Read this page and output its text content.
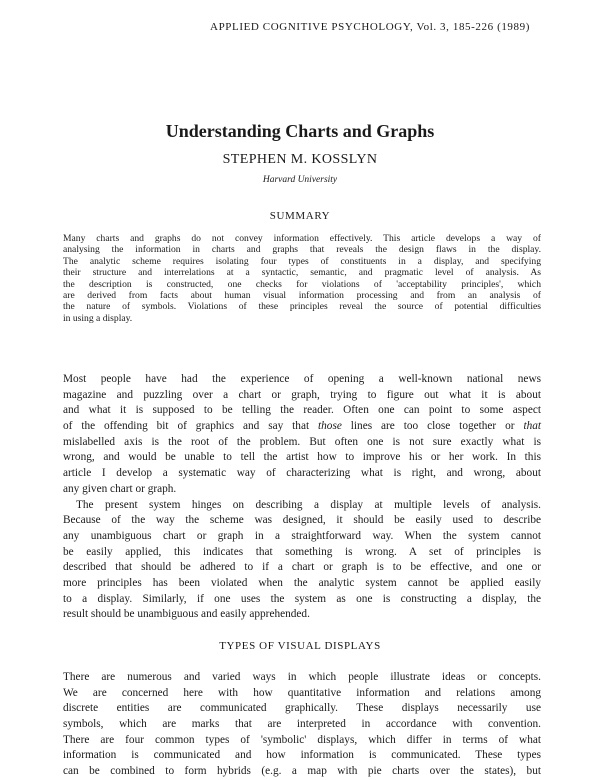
APPLIED COGNITIVE PSYCHOLOGY, Vol. 3, 185-226 (1989)
Understanding Charts and Graphs
STEPHEN M. KOSSLYN
Harvard University
SUMMARY
Many charts and graphs do not convey information effectively. This article develops a way of
analysing the information in charts and graphs that reveals the design flaws in the display.
The analytic scheme requires isolating four types of constituents in a display, and specifying
their structure and interrelations at a syntactic, semantic, and pragmatic level of analysis. As
the description is constructed, one checks for violations of 'acceptability principles', which
are derived from facts about human visual information processing and from an analysis of
the nature of symbols. Violations of these principles reveal the source of potential difficulties
in using a display.
Most people have had the experience of opening a well-known national news
magazine and puzzling over a chart or graph, trying to figure out what it is about
and what it is supposed to be telling the reader. Often one can point to some aspect
of the offending bit of graphics and say that those lines are too close together or that
mislabelled axis is the root of the problem. But often one is not sure exactly what is
wrong, and would be unable to tell the artist how to improve his or her work. In this
article I develop a systematic way of characterizing what is right, and wrong, about
any given chart or graph.
The present system hinges on describing a display at multiple levels of analysis.
Because of the way the scheme was designed, it should be easily used to describe
any unambiguous chart or graph in a straightforward way. When the system cannot
be easily applied, this indicates that something is wrong. A set of principles is
described that should be adhered to if a chart or graph is to be effective, and one or
more principles has been violated when the analytic system cannot be applied easily
to a display. Similarly, if one uses the system as one is constructing a display, the
result should be unambiguous and easily apprehended.
TYPES OF VISUAL DISPLAYS
There are numerous and varied ways in which people illustrate ideas or concepts.
We are concerned here with how quantitative information and relations among
discrete entities are communicated graphically. These displays necessarily use
symbols, which are marks that are interpreted in accordance with convention.
There are four common types of 'symbolic' displays, which differ in terms of what
information is communicated and how information is communicated. These types
can be combined to form hybrids (e.g. a map with pie charts over the states), but
